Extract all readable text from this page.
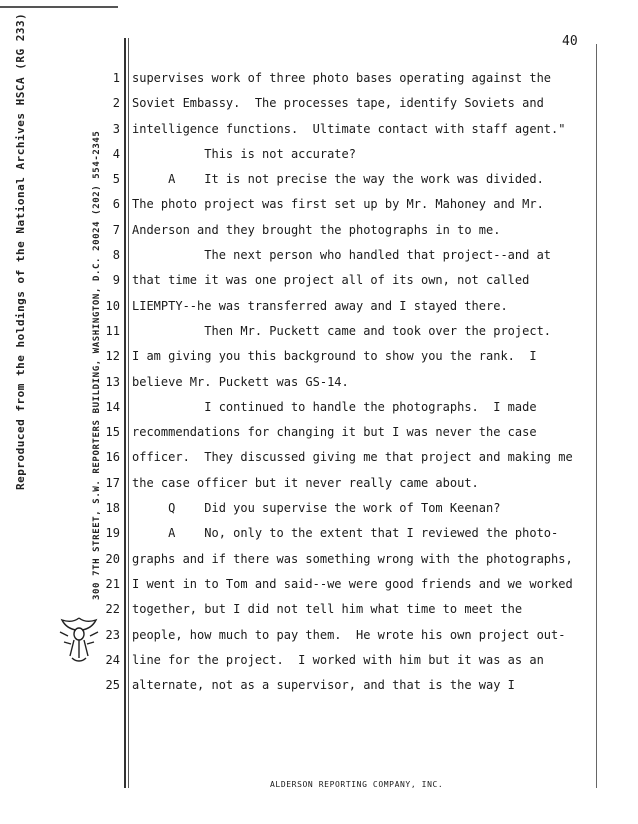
Reproduced from the holdings of the National Archives HSCA (RG 233)	300 7TH STREET, S.W. REPORTERS BUILDING, WASHINGTON, D.C. 20024 (202) 554-2345
40
1
2
3
4
5
6
7
8
9
10
11
12
13
14
15
16
17
18
19
20
21
22
23
24
25
supervises work of three photo bases operating against the
Soviet Embassy.  The processes tape, identify Soviets and
intelligence functions.  Ultimate contact with staff agent."
This is not accurate?
A    It is not precise the way the work was divided.
The photo project was first set up by Mr. Mahoney and Mr.
Anderson and they brought the photographs in to me.
The next person who handled that project--and at
that time it was one project all of its own, not called
LIEMPTY--he was transferred away and I stayed there.
Then Mr. Puckett came and took over the project.
I am giving you this background to show you the rank.  I
believe Mr. Puckett was GS-14.
I continued to handle the photographs.  I made
recommendations for changing it but I was never the case
officer.  They discussed giving me that project and making me
the case officer but it never really came about.
Q    Did you supervise the work of Tom Keenan?
A    No, only to the extent that I reviewed the photo-
graphs and if there was something wrong with the photographs,
I went in to Tom and said--we were good friends and we worked
together, but I did not tell him what time to meet the
people, how much to pay them.  He wrote his own project out-
line for the project.  I worked with him but it was as an
alternate, not as a supervisor, and that is the way I
ALDERSON REPORTING COMPANY, INC.
